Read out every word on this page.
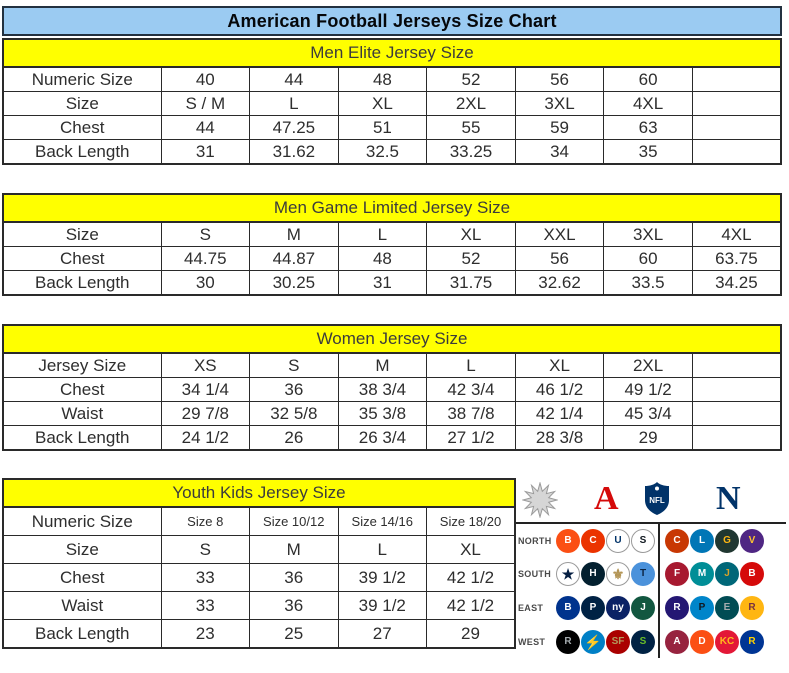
American Football Jerseys Size Chart
Men Elite Jersey Size
Numeric Size	40	44	48	52	56	60	
Size	S / M	L	XL	2XL	3XL	4XL	
Chest	44	47.25	51	55	59	63	
Back Length	31	31.62	32.5	33.25	34	35	
Men Game Limited Jersey Size
Size	S	M	L	XL	XXL	3XL	4XL
Chest	44.75	44.87	48	52	56	60	63.75
Back Length	30	30.25	31	31.75	32.62	33.5	34.25
Women Jersey Size
Jersey Size	XS	S	M	L	XL	2XL	
Chest	34 1/4	36	38 3/4	42 3/4	46 1/2	49 1/2	
Waist	29 7/8	32 5/8	35 3/8	38 7/8	42 1/4	45 3/4	
Back Length	24 1/2	26	26 3/4	27 1/2	28 3/8	29	
Youth Kids Jersey Size
Numeric Size	Size 8	Size 10/12	Size 14/16	Size 18/20
Size	S	M	L	XL
Chest	33	36	39 1/2	42 1/2
Waist	33	36	39 1/2	42 1/2
Back Length	23	25	27	29
A	NFL N
NORTH	B	C	U	S	C	L	G	V
SOUTH ★	H	⚜	T	F	M	J	B
EAST	B	P	ny	J	R	P	E	R
WEST	R ⚡ SF	S	A	D	KC	R
